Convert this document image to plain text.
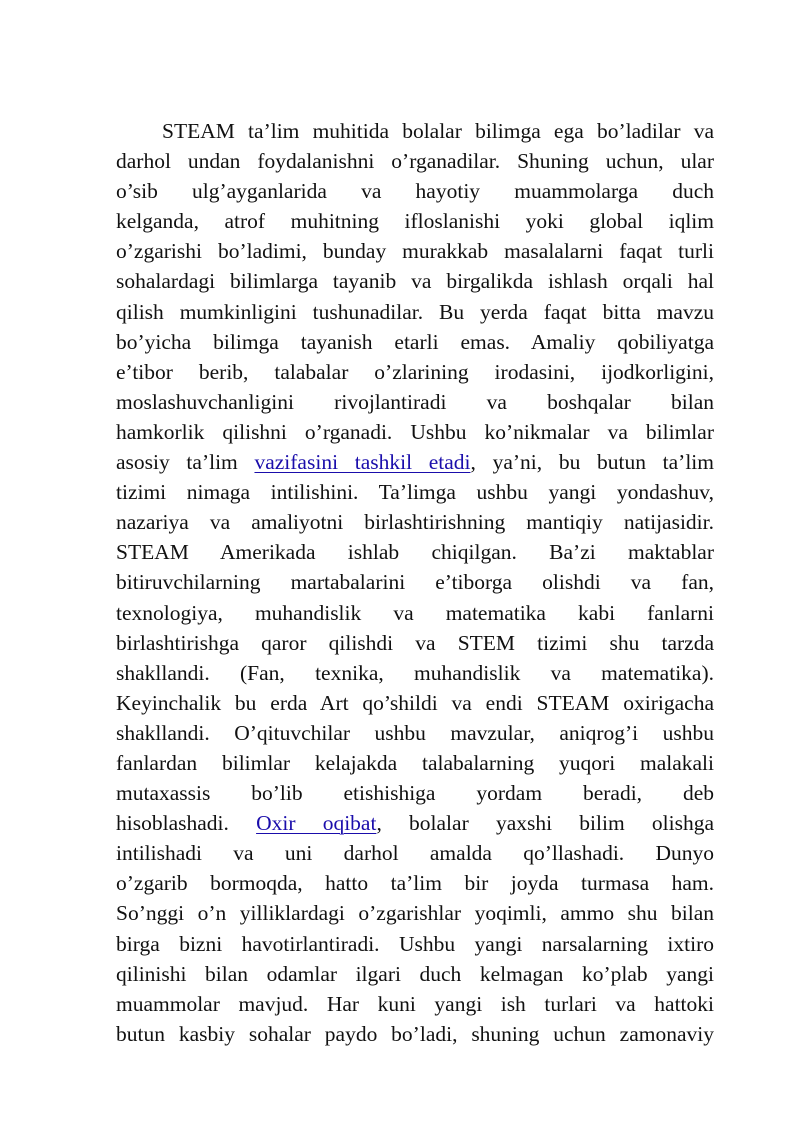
STEAM ta’lim muhitida bolalar bilimga ega bo’ladilar va
darhol undan foydalanishni o’rganadilar. Shuning uchun, ular
o’sib ulg’ayganlarida va hayotiy muammolarga duch
kelganda, atrof muhitning ifloslanishi yoki global iqlim
o’zgarishi bo’ladimi, bunday murakkab masalalarni faqat turli
sohalardagi bilimlarga tayanib va birgalikda ishlash orqali hal
qilish mumkinligini tushunadilar. Bu yerda faqat bitta mavzu
bo’yicha bilimga tayanish etarli emas. Amaliy qobiliyatga
e’tibor berib, talabalar o’zlarining irodasini, ijodkorligini,
moslashuvchanligini rivojlantiradi va boshqalar bilan
hamkorlik qilishni o’rganadi. Ushbu ko’nikmalar va bilimlar
asosiy ta’lim vazifasini tashkil etadi, ya’ni, bu butun ta’lim
tizimi nimaga intilishini. Ta’limga ushbu yangi yondashuv,
nazariya va amaliyotni birlashtirishning mantiqiy natijasidir.
STEAM Amerikada ishlab chiqilgan. Ba’zi maktablar
bitiruvchilarning martabalarini e’tiborga olishdi va fan,
texnologiya, muhandislik va matematika kabi fanlarni
birlashtirishga qaror qilishdi va STEM tizimi shu tarzda
shakllandi. (Fan, texnika, muhandislik va matematika).
Keyinchalik bu erda Art qo’shildi va endi STEAM oxirigacha
shakllandi. O’qituvchilar ushbu mavzular, aniqrog’i ushbu
fanlardan bilimlar kelajakda talabalarning yuqori malakali
mutaxassis bo’lib etishishiga yordam beradi, deb
hisoblashadi. Oxir oqibat, bolalar yaxshi bilim olishga
intilishadi va uni darhol amalda qo’llashadi. Dunyo
o’zgarib bormoqda, hatto ta’lim bir joyda turmasa ham.
So’nggi o’n yilliklardagi o’zgarishlar yoqimli, ammo shu bilan
birga bizni havotirlantiradi. Ushbu yangi narsalarning ixtiro
qilinishi bilan odamlar ilgari duch kelmagan ko’plab yangi
muammolar mavjud. Har kuni yangi ish turlari va hattoki
butun kasbiy sohalar paydo bo’ladi, shuning uchun zamonaviy
